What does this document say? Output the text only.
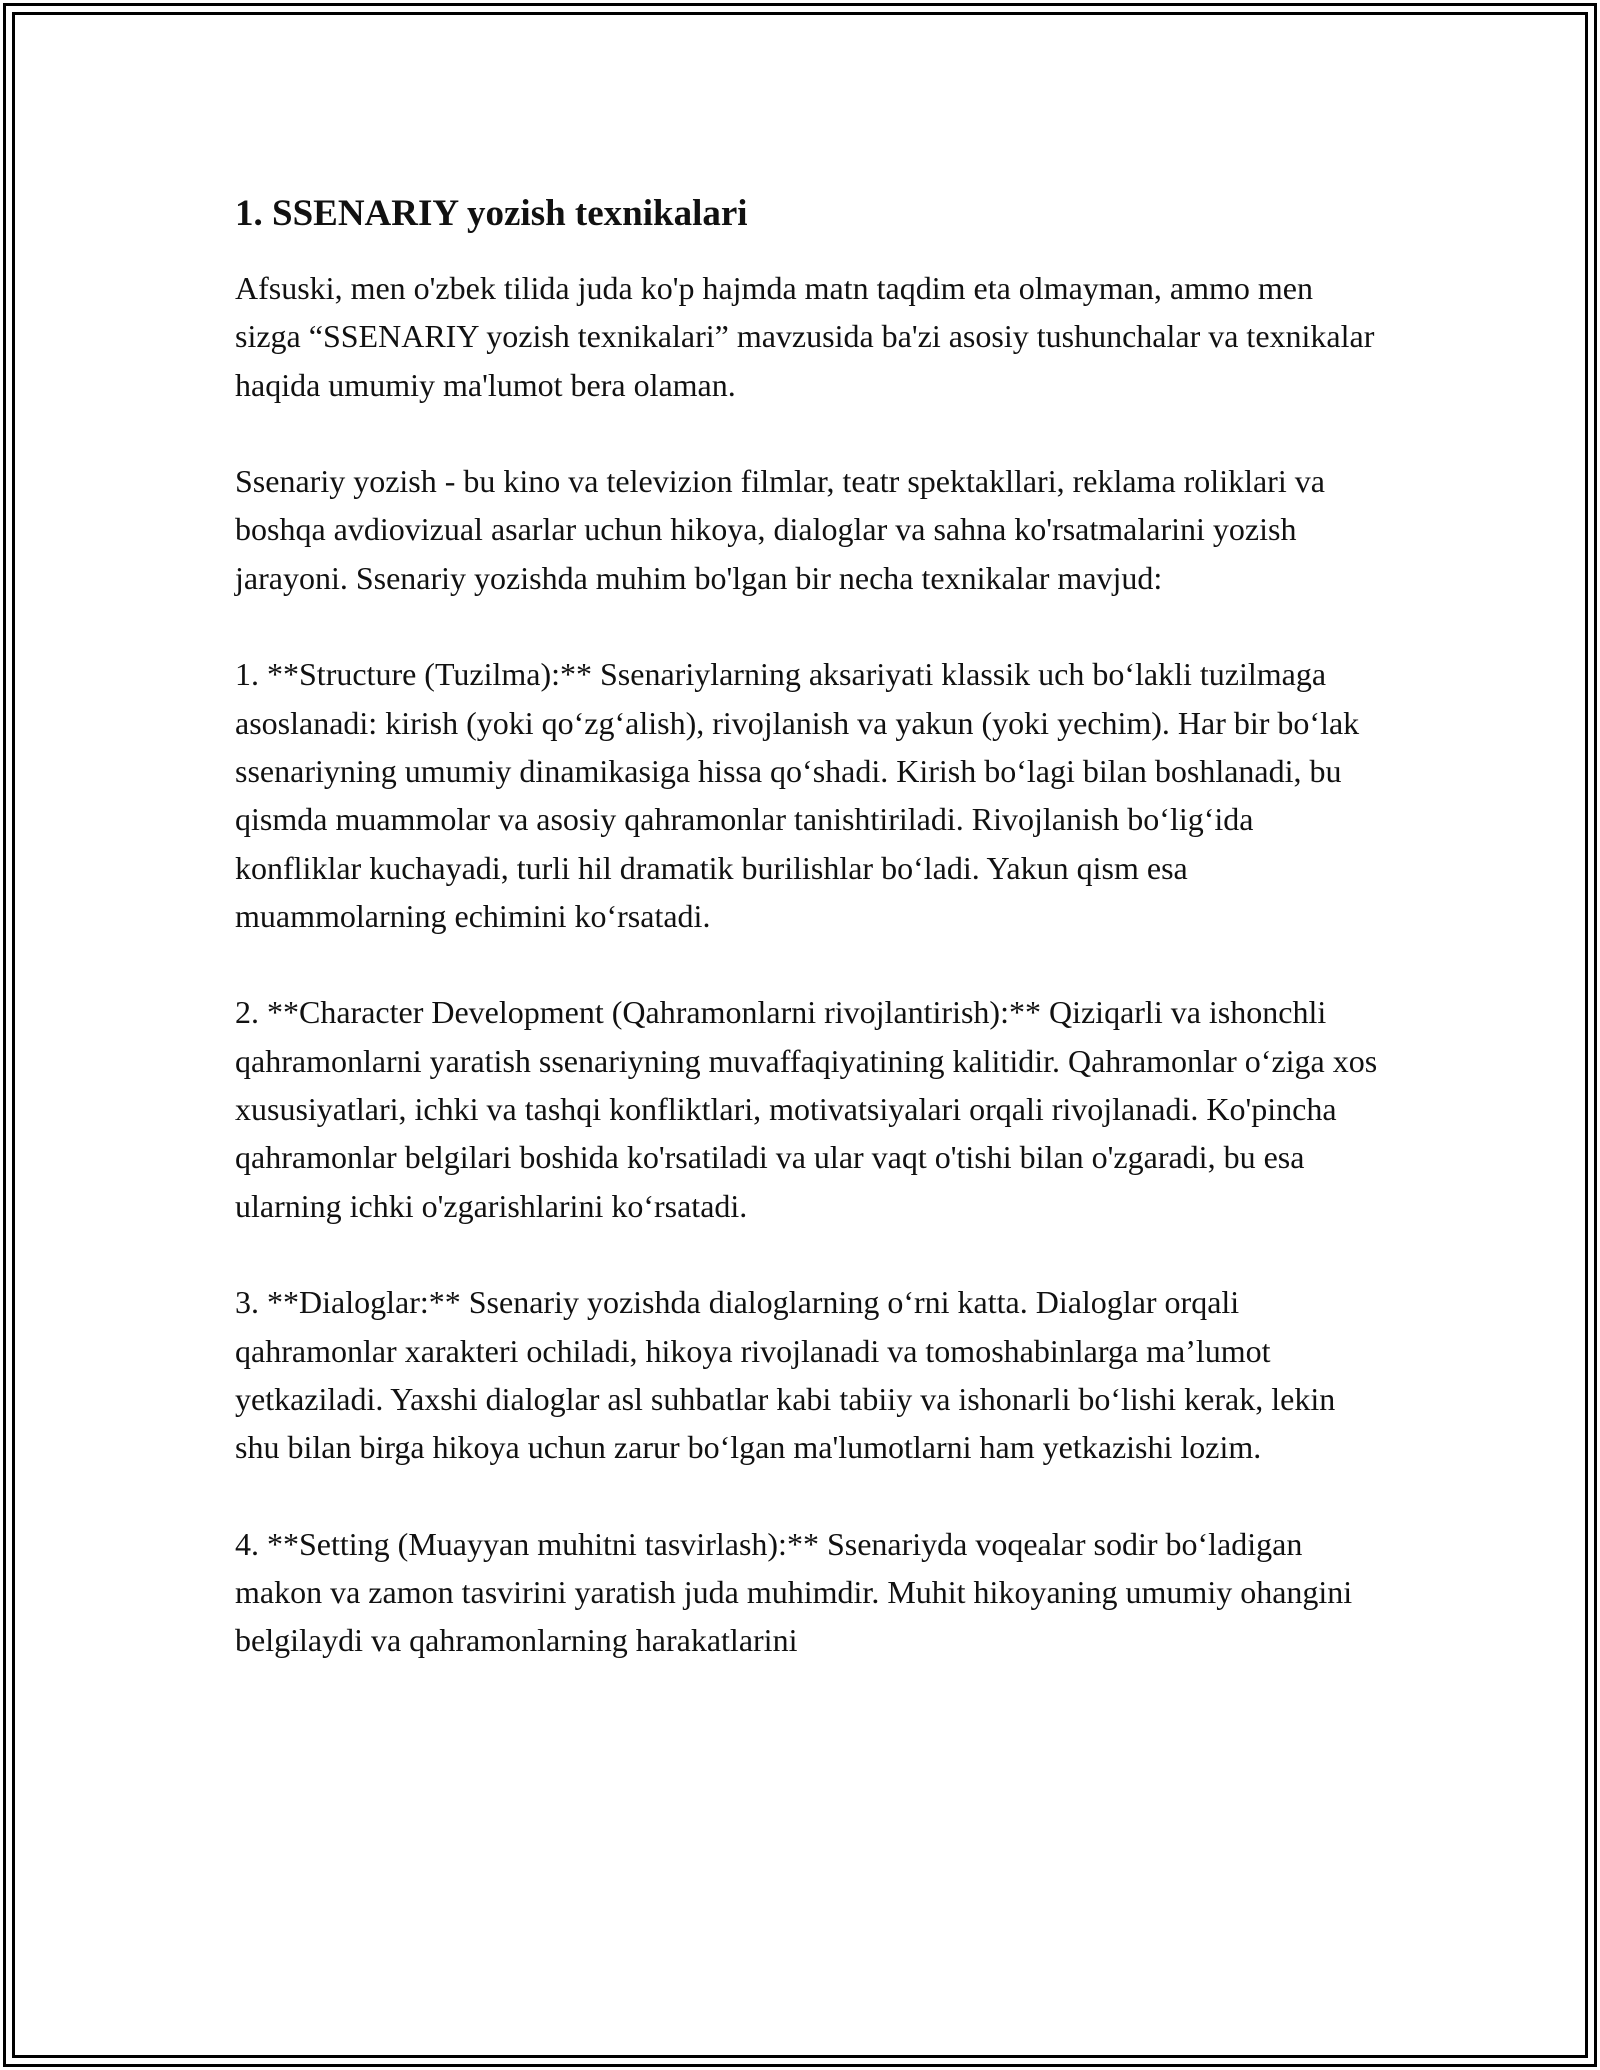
1. SSENARIY yozish texnikalari

Afsuski, men o'zbek tilida juda ko'p hajmda matn taqdim eta olmayman, ammo men sizga “SSENARIY yozish texnikalari” mavzusida ba'zi asosiy tushunchalar va texnikalar haqida umumiy ma'lumot bera olaman.

Ssenariy yozish - bu kino va televizion filmlar, teatr spektakllari, reklama roliklari va boshqa avdiovizual asarlar uchun hikoya, dialoglar va sahna ko'rsatmalarini yozish jarayoni. Ssenariy yozishda muhim bo'lgan bir necha texnikalar mavjud:

1. **Structure (Tuzilma):** Ssenariylarning aksariyati klassik uch bo‘lakli tuzilmaga asoslanadi: kirish (yoki qo‘zg‘alish), rivojlanish va yakun (yoki yechim). Har bir bo‘lak ssenariyning umumiy dinamikasiga hissa qo‘shadi. Kirish bo‘lagi bilan boshlanadi, bu qismda muammolar va asosiy qahramonlar tanishtiriladi. Rivojlanish bo‘lig‘ida konfliklar kuchayadi, turli hil dramatik burilishlar bo‘ladi. Yakun qism esa muammolarning echimini ko‘rsatadi.

2. **Character Development (Qahramonlarni rivojlantirish):** Qiziqarli va ishonchli qahramonlarni yaratish ssenariyning muvaffaqiyatining kalitidir. Qahramonlar o‘ziga xos xususiyatlari, ichki va tashqi konfliktlari, motivatsiyalari orqali rivojlanadi. Ko'pincha qahramonlar belgilari boshida ko'rsatiladi va ular vaqt o'tishi bilan o'zgaradi, bu esa ularning ichki o'zgarishlarini ko‘rsatadi.

3. **Dialoglar:** Ssenariy yozishda dialoglarning o‘rni katta. Dialoglar orqali qahramonlar xarakteri ochiladi, hikoya rivojlanadi va tomoshabinlarga ma’lumot yetkaziladi. Yaxshi dialoglar asl suhbatlar kabi tabiiy va ishonarli bo‘lishi kerak, lekin shu bilan birga hikoya uchun zarur bo‘lgan ma'lumotlarni ham yetkazishi lozim.

4. **Setting (Muayyan muhitni tasvirlash):** Ssenariyda voqealar sodir bo‘ladigan makon va zamon tasvirini yaratish juda muhimdir. Muhit hikoyaning umumiy ohangini belgilaydi va qahramonlarning harakatlarini
